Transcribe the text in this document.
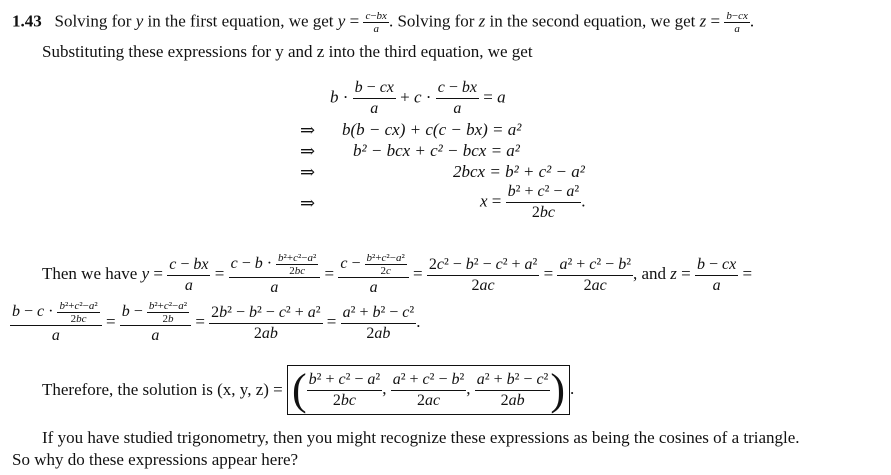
1.43 Solving for y in the first equation, we get $y = \frac{c-bx}{a}$ . Solving for z in the second equation, we get $z = \frac{b-cx}{a}$ .
Substituting these expressions for y and z into the third equation, we get
$b \cdot \frac{b - cx}{a} + c \cdot \frac{c - bx}{a} = a$
⇒ b(b − cx) + c(c − bx) = a²
⇒ b² − bcx + c² − bcx = a²
⇒	2bcx = b² + c² − a²
⇒	$x = \frac{\text{b² + c² − a²}}{2bc}$ .
Then we have $y = \frac{c - bx}{a} = \frac{c - b \cdot \frac{\text{b²+c²−a²}}{2bc}}{a} = \frac{c - \frac{\text{b²+c²−a²}}{2c}}{a} = \frac{\text{2c² − b² − c² + a²}}{2ac} = \frac{\text{a² + c² − b²}}{2ac}$ , and $z = \frac{b - cx}{a}$ =
$\frac{b - c \cdot \frac{\text{b²+c²−a²}}{2bc}}{a} = \frac{b - \frac{\text{b²+c²−a²}}{2b}}{a} = \frac{\text{2b² − b² − c² + a²}}{2ab} = \frac{\text{a² + b² − c²}}{2ab}$ .
Therefore, the solution is (x, y, z) = ( $\frac{\text{b² + c² − a²}}{2bc}$ , $\frac{\text{a² + c² − b²}}{2ac}$ , $\frac{\text{a² + b² − c²}}{2ab}$ ) .
If you have studied trigonometry, then you might recognize these expressions as being the cosines of a triangle.
So why do these expressions appear here?
